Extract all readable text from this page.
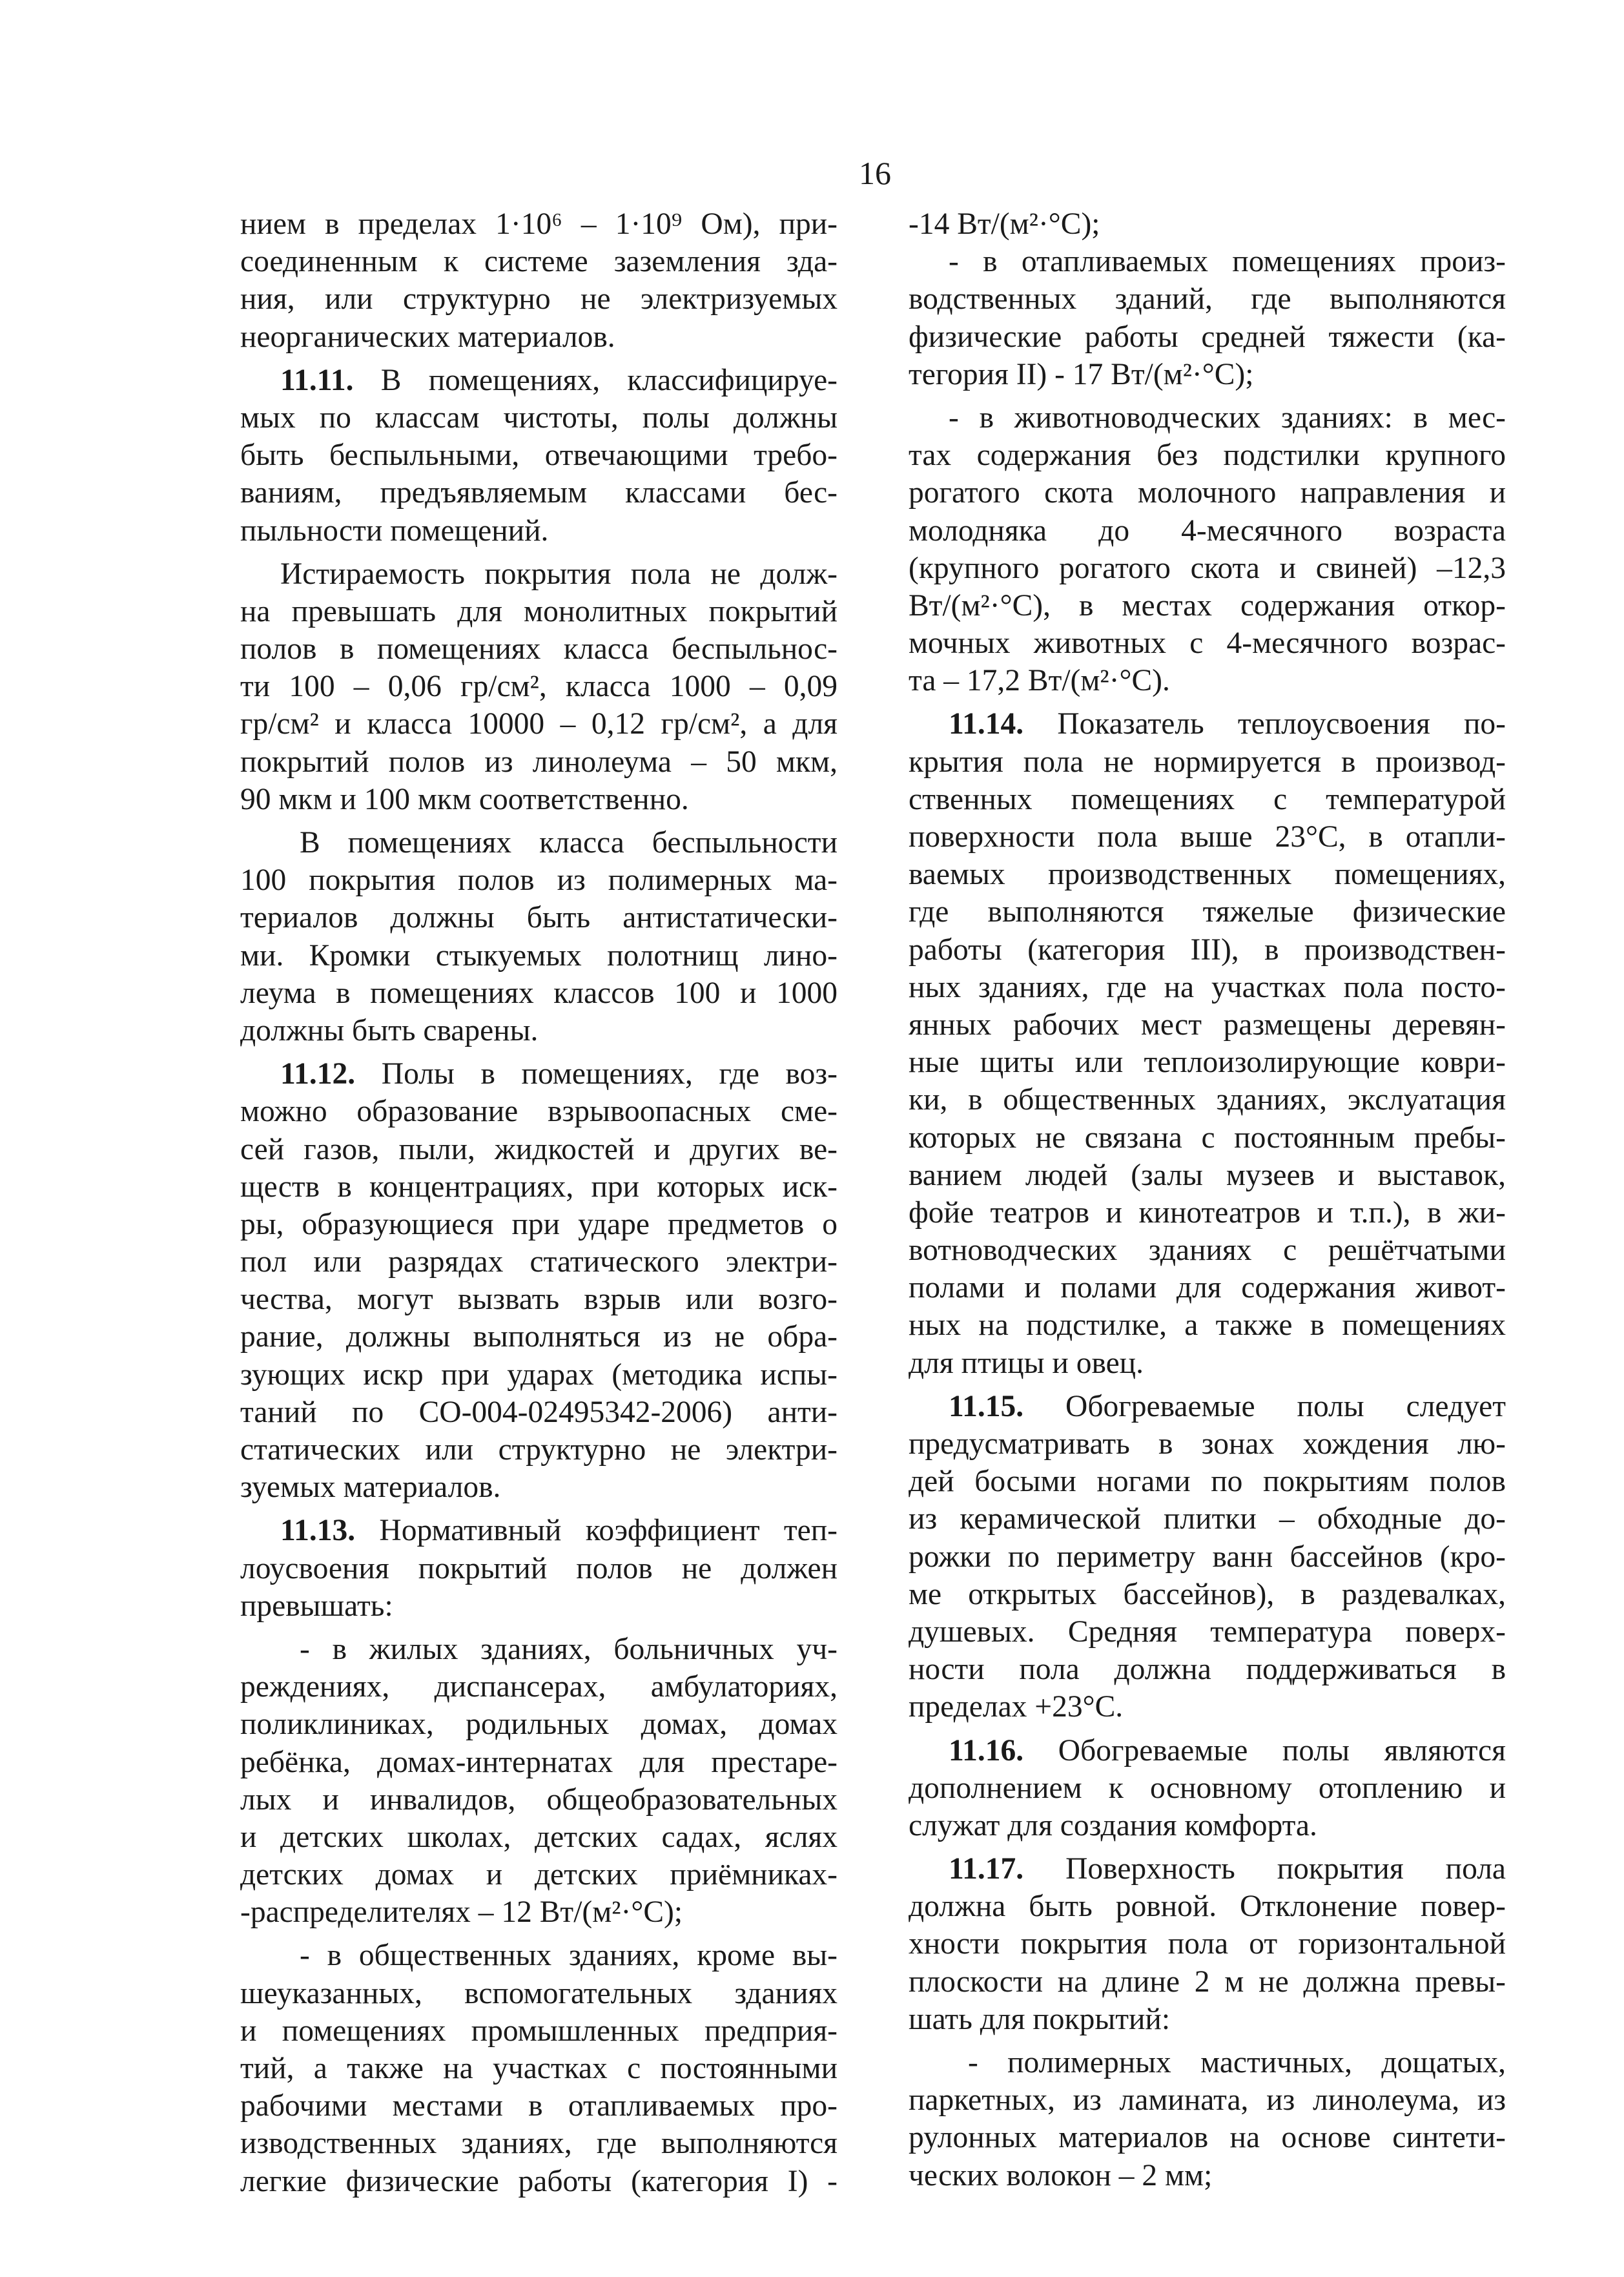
16
нием в пределах 1·10⁶ – 1·10⁹ Ом), при-
соединенным к системе заземления зда-
ния, или структурно не электризуемых
неорганических материалов.
11.11. В помещениях, классифицируе-
мых по классам чистоты, полы должны
быть беспыльными, отвечающими требо-
ваниям, предъявляемым классами бес-
пыльности помещений.
Истираемость покрытия пола не долж-
на превышать для монолитных покрытий
полов в помещениях класса беспыльнос-
ти 100 – 0,06 гр/см², класса 1000 – 0,09
гр/см² и класса 10000 – 0,12 гр/см², а для
покрытий полов из линолеума – 50 мкм,
90 мкм и 100 мкм соответственно.
В помещениях класса беспыльности
100 покрытия полов из полимерных ма-
териалов должны быть антистатически-
ми. Кромки стыкуемых полотнищ лино-
леума в помещениях классов 100 и 1000
должны быть сварены.
11.12. Полы в помещениях, где воз-
можно образование взрывоопасных сме-
сей газов, пыли, жидкостей и других ве-
ществ в концентрациях, при которых иск-
ры, образующиеся при ударе предметов о
пол или разрядах статического электри-
чества, могут вызвать взрыв или возго-
рание, должны выполняться из не обра-
зующих искр при ударах (методика испы-
таний по СО-004-02495342-2006) анти-
статических или структурно не электри-
зуемых материалов.
11.13. Нормативный коэффициент теп-
лоусвоения покрытий полов не должен
превышать:
- в жилых зданиях, больничных уч-
реждениях, диспансерах, амбулаториях,
поликлиниках, родильных домах, домах
ребёнка, домах-интернатах для престаре-
лых и инвалидов, общеобразовательных
и детских школах, детских садах, яслях
детских домах и детских приёмниках-
-распределителях – 12 Вт/(м²·°С);
- в общественных зданиях, кроме вы-
шеуказанных, вспомогательных зданиях
и помещениях промышленных предприя-
тий, а также на участках с постоянными
рабочими местами в отапливаемых про-
изводственных зданиях, где выполняются
легкие физические работы (категория I) -
-14 Вт/(м²·°С);
- в отапливаемых помещениях произ-
водственных зданий, где выполняются
физические работы средней тяжести (ка-
тегория II) - 17 Вт/(м²·°С);
- в животноводческих зданиях: в мес-
тах содержания без подстилки крупного
рогатого скота молочного направления и
молодняка до 4-месячного возраста
(крупного рогатого скота и свиней) –12,3
Вт/(м²·°С), в местах содержания откор-
мочных животных с 4-месячного возрас-
та – 17,2 Вт/(м²·°С).
11.14. Показатель теплоусвоения по-
крытия пола не нормируется в производ-
ственных помещениях с температурой
поверхности пола выше 23°С, в отапли-
ваемых производственных помещениях,
где выполняются тяжелые физические
работы (категория III), в производствен-
ных зданиях, где на участках пола посто-
янных рабочих мест размещены деревян-
ные щиты или теплоизолирующие коври-
ки, в общественных зданиях, экслуатация
которых не связана с постоянным пребы-
ванием людей (залы музеев и выставок,
фойе театров и кинотеатров и т.п.), в жи-
вотноводческих зданиях с решётчатыми
полами и полами для содержания живот-
ных на подстилке, а также в помещениях
для птицы и овец.
11.15. Обогреваемые полы следует
предусматривать в зонах хождения лю-
дей босыми ногами по покрытиям полов
из керамической плитки – обходные до-
рожки по периметру ванн бассейнов (кро-
ме открытых бассейнов), в раздевалках,
душевых. Средняя температура поверх-
ности пола должна поддерживаться в
пределах +23°С.
11.16. Обогреваемые полы являются
дополнением к основному отоплению и
служат для создания комфорта.
11.17. Поверхность покрытия пола
должна быть ровной. Отклонение повер-
хности покрытия пола от горизонтальной
плоскости на длине 2 м не должна превы-
шать для покрытий:
- полимерных мастичных, дощатых,
паркетных, из ламината, из линолеума, из
рулонных материалов на основе синтети-
ческих волокон – 2 мм;
